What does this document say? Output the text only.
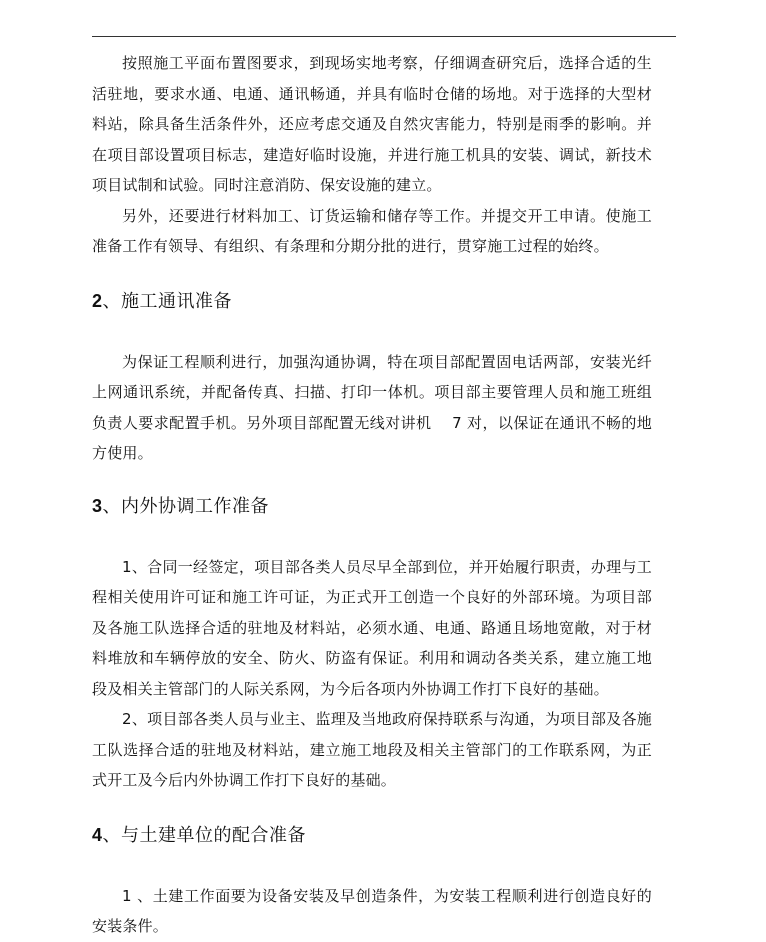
按照施工平面布置图要求，到现场实地考察，仔细调查研究后，选择合适的生活驻地，要求水通、电通、通讯畅通，并具有临时仓储的场地。对于选择的大型材料站，除具备生活条件外，还应考虑交通及自然灾害能力，特别是雨季的影响。并在项目部设置项目标志，建造好临时设施，并进行施工机具的安装、调试，新技术项目试制和试验。同时注意消防、保安设施的建立。

另外，还要进行材料加工、订货运输和储存等工作。并提交开工申请。使施工准备工作有领导、有组织、有条理和分期分批的进行，贯穿施工过程的始终。

2、施工通讯准备

为保证工程顺利进行，加强沟通协调，特在项目部配置固电话两部，安装光纤上网通讯系统，并配备传真、扫描、打印一体机。项目部主要管理人员和施工班组负责人要求配置手机。另外项目部配置无线对讲机　 7 对，以保证在通讯不畅的地方使用。

3、内外协调工作准备

1、合同一经签定，项目部各类人员尽早全部到位，并开始履行职责，办理与工程相关使用许可证和施工许可证，为正式开工创造一个良好的外部环境。为项目部及各施工队选择合适的驻地及材料站，必须水通、电通、路通且场地宽敞，对于材料堆放和车辆停放的安全、防火、防盗有保证。利用和调动各类关系，建立施工地段及相关主管部门的人际关系网，为今后各项内外协调工作打下良好的基础。

2、项目部各类人员与业主、监理及当地政府保持联系与沟通，为项目部及各施工队选择合适的驻地及材料站，建立施工地段及相关主管部门的工作联系网，为正式开工及今后内外协调工作打下良好的基础。

4、与土建单位的配合准备

1 、土建工作面要为设备安装及早创造条件，为安装工程顺利进行创造良好的安装条件。
